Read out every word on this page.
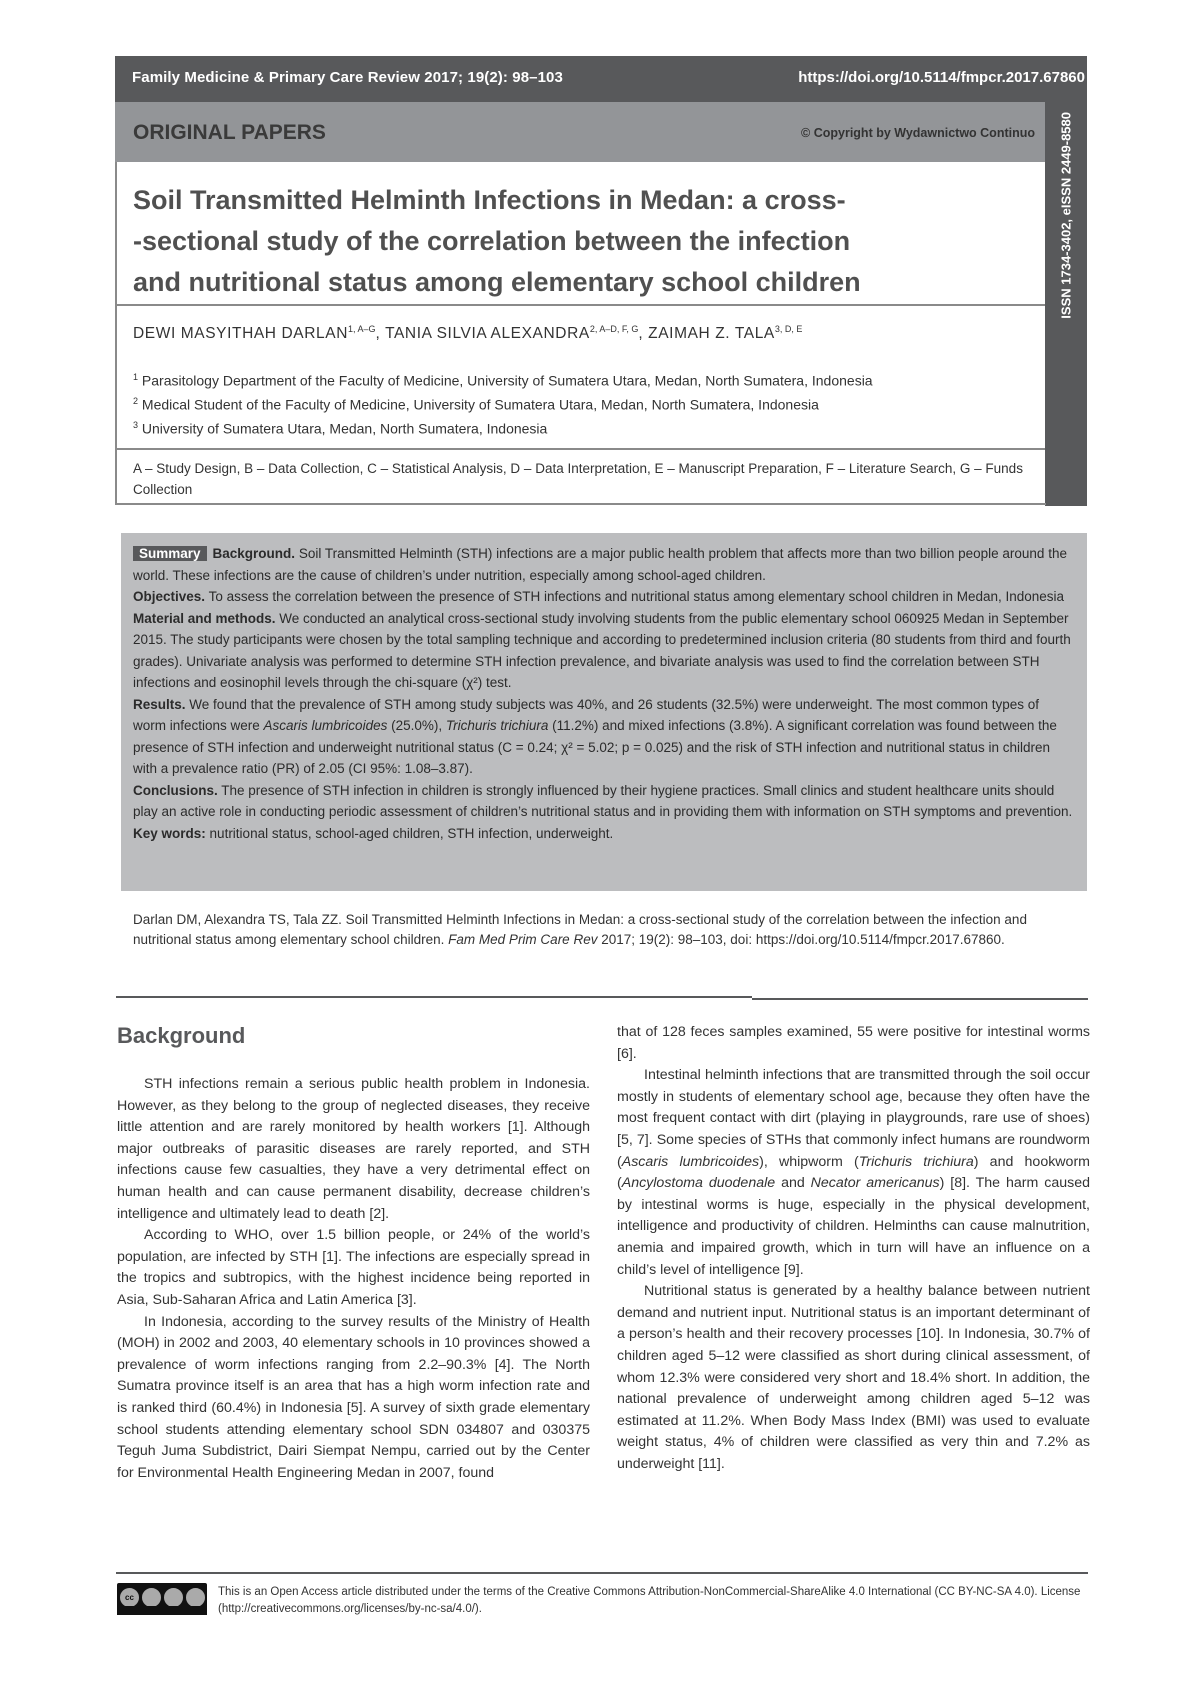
Family Medicine & Primary Care Review 2017; 19(2): 98–103	https://doi.org/10.5114/fmpcr.2017.67860
ORIGINAL PAPERS	© Copyright by Wydawnictwo Continuo ISSN 1734-3402, eISSN 2449-8580
Soil Transmitted Helminth Infections in Medan: a cross-
-sectional study of the correlation between the infection
and nutritional status among elementary school children
DEWI MASYITHAH $DARLAN^{1, A-G}$, TANIA SILVIA $ALEXANDRA^{2, A-D, F, G}$, ZAIMAH Z. $TALA^{3, D, E}$
$^1$ Parasitology Department of the Faculty of Medicine, University of Sumatera Utara, Medan, North Sumatera, Indonesia
$^2$ Medical Student of the Faculty of Medicine, University of Sumatera Utara, Medan, North Sumatera, Indonesia
$^3$ University of Sumatera Utara, Medan, North Sumatera, Indonesia
A – Study Design, B – Data Collection, C – Statistical Analysis, D – Data Interpretation, E – Manuscript Preparation, F – Literature Search, G – Funds Collection

Summary Background. Soil Transmitted Helminth (STH) infections are a major public health problem that affects more than two billion people around the world. These infections are the cause of children’s under nutrition, especially among school-aged children.

Objectives. To assess the correlation between the presence of STH infections and nutritional status among elementary school children in Medan, Indonesia

Material and methods. We conducted an analytical cross-sectional study involving students from the public elementary school 060925 Medan in September 2015. The study participants were chosen by the total sampling technique and according to predetermined inclusion criteria (80 students from third and fourth grades). Univariate analysis was performed to determine STH infection prevalence, and bivariate analysis was used to find the correlation between STH infections and eosinophil levels through the chi-square (χ²) test.

Results. We found that the prevalence of STH among study subjects was 40%, and 26 students (32.5%) were underweight. The most common types of worm infections were Ascaris lumbricoides (25.0%), Trichuris trichiura (11.2%) and mixed infections (3.8%). A significant correlation was found between the presence of STH infection and underweight nutritional status (C = 0.24; χ² = 5.02; p = 0.025) and the risk of STH infection and nutritional status in children with a prevalence ratio (PR) of 2.05 (CI 95%: 1.08–3.87).

Conclusions. The presence of STH infection in children is strongly influenced by their hygiene practices. Small clinics and student healthcare units should play an active role in conducting periodic assessment of children’s nutritional status and in providing them with information on STH symptoms and prevention.

Key words: nutritional status, school-aged children, STH infection, underweight.

Darlan DM, Alexandra TS, Tala ZZ. Soil Transmitted Helminth Infections in Medan: a cross-sectional study of the correlation between the infection and nutritional status among elementary school children. Fam Med Prim Care Rev 2017; 19(2): 98–103, doi: https://doi.org/10.5114/fmpcr.2017.67860.
Background

STH infections remain a serious public health problem in Indonesia. However, as they belong to the group of neglected diseases, they receive little attention and are rarely monitored by health workers [1]. Although major outbreaks of parasitic diseases are rarely reported, and STH infections cause few casualties, they have a very detrimental effect on human health and can cause permanent disability, decrease children’s intelligence and ultimately lead to death [2].

According to WHO, over 1.5 billion people, or 24% of the world’s population, are infected by STH [1]. The infections are especially spread in the tropics and subtropics, with the highest incidence being reported in Asia, Sub-Saharan Africa and Latin America [3].

In Indonesia, according to the survey results of the Ministry of Health (MOH) in 2002 and 2003, 40 elementary schools in 10 provinces showed a prevalence of worm infections ranging from 2.2–90.3% [4]. The North Sumatra province itself is an area that has a high worm infection rate and is ranked third (60.4%) in Indonesia [5]. A survey of sixth grade elementary school students attending elementary school SDN 034807 and 030375 Teguh Juma Subdistrict, Dairi Siempat Nempu, carried out by the Center for Environmental Health Engineering Medan in 2007, found

that of 128 feces samples examined, 55 were positive for intestinal worms [6].

Intestinal helminth infections that are transmitted through the soil occur mostly in students of elementary school age, because they often have the most frequent contact with dirt (playing in playgrounds, rare use of shoes) [5, 7]. Some species of STHs that commonly infect humans are roundworm (Ascaris lumbricoides), whipworm (Trichuris trichiura) and hookworm (Ancylostoma duodenale and Necator americanus) [8]. The harm caused by intestinal worms is huge, especially in the physical development, intelligence and productivity of children. Helminths can cause malnutrition, anemia and impaired growth, which in turn will have an influence on a child’s level of intelligence [9].

Nutritional status is generated by a healthy balance between nutrient demand and nutrient input. Nutritional status is an important determinant of a person’s health and their recovery processes [10]. In Indonesia, 30.7% of children aged 5–12 were classified as short during clinical assessment, of whom 12.3% were considered very short and 18.4% short. In addition, the national prevalence of underweight among children aged 5–12 was estimated at 11.2%. When Body Mass Index (BMI) was used to evaluate weight status, 4% of children were classified as very thin and 7.2% as underweight [11].

cc	This is an Open Access article distributed under the terms of the Creative Commons Attribution-NonCommercial-ShareAlike 4.0 International (CC BY-NC-SA 4.0). License (http://creativecommons.org/licenses/by-nc-sa/4.0/).
